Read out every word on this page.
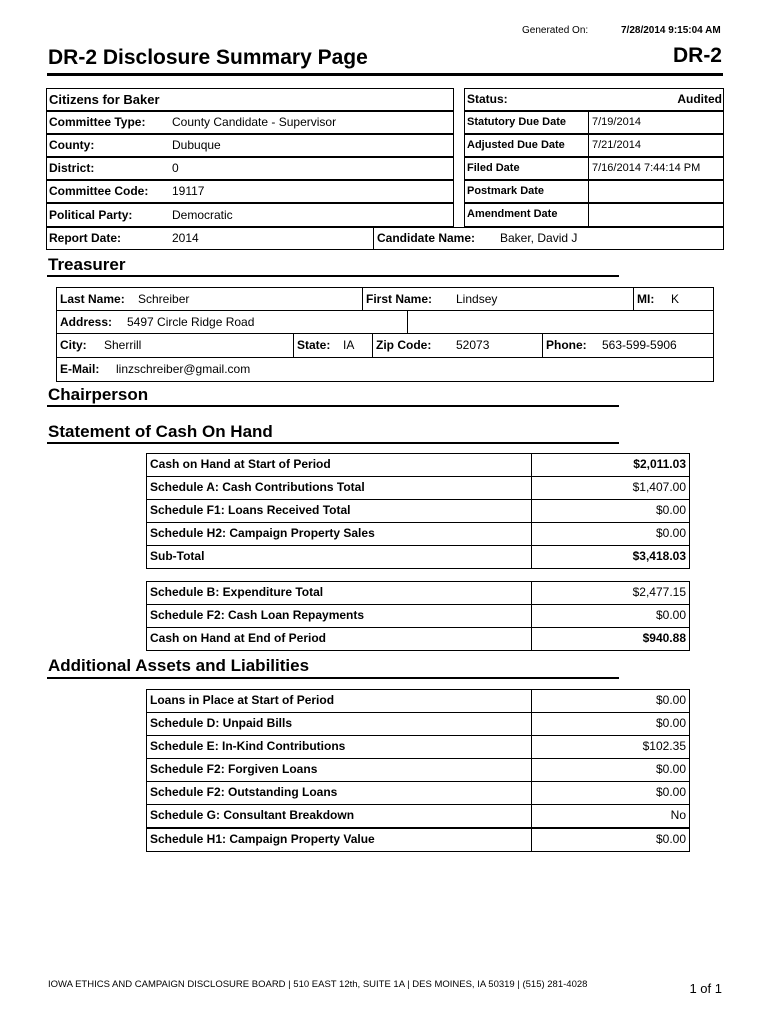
Generated On:	7/28/2014 9:15:04 AM
DR-2 Disclosure Summary Page	DR-2
Citizens for Baker
Committee Type: County Candidate - Supervisor
County:	Dubuque
District:	0
Committee Code: 19117
Political Party:	Democratic
Report Date:	2014	Candidate Name: Baker, David J
Status:	Audited
Statutory Due Date 7/19/2014
Adjusted Due Date 7/21/2014
Filed Date	7/16/2014 7:44:14 PM
Postmark Date
Amendment Date
Treasurer
Last Name: Schreiber	First Name: Lindsey	MI: K
Address: 5497 Circle Ridge Road
City: Sherrill	State: IA Zip Code: 52073	Phone: 563-599-5906
E-Mail: linzschreiber@gmail.com
Chairperson
Statement of Cash On Hand
Cash on Hand at Start of Period	$2,011.03
Schedule A: Cash Contributions Total	$1,407.00
Schedule F1: Loans Received Total	$0.00
Schedule H2: Campaign Property Sales	$0.00
Sub-Total	$3,418.03
Schedule B: Expenditure Total	$2,477.15
Schedule F2: Cash Loan Repayments	$0.00
Cash on Hand at End of Period	$940.88
Additional Assets and Liabilities
Loans in Place at Start of Period	$0.00
Schedule D: Unpaid Bills	$0.00
Schedule E: In-Kind Contributions	$102.35
Schedule F2: Forgiven Loans	$0.00
Schedule F2: Outstanding Loans	$0.00
Schedule G: Consultant Breakdown	No
Schedule H1: Campaign Property Value	$0.00
IOWA ETHICS AND CAMPAIGN DISCLOSURE BOARD | 510 EAST 12th, SUITE 1A | DES MOINES, IA 50319 | (515) 281-4028	1 of 1
